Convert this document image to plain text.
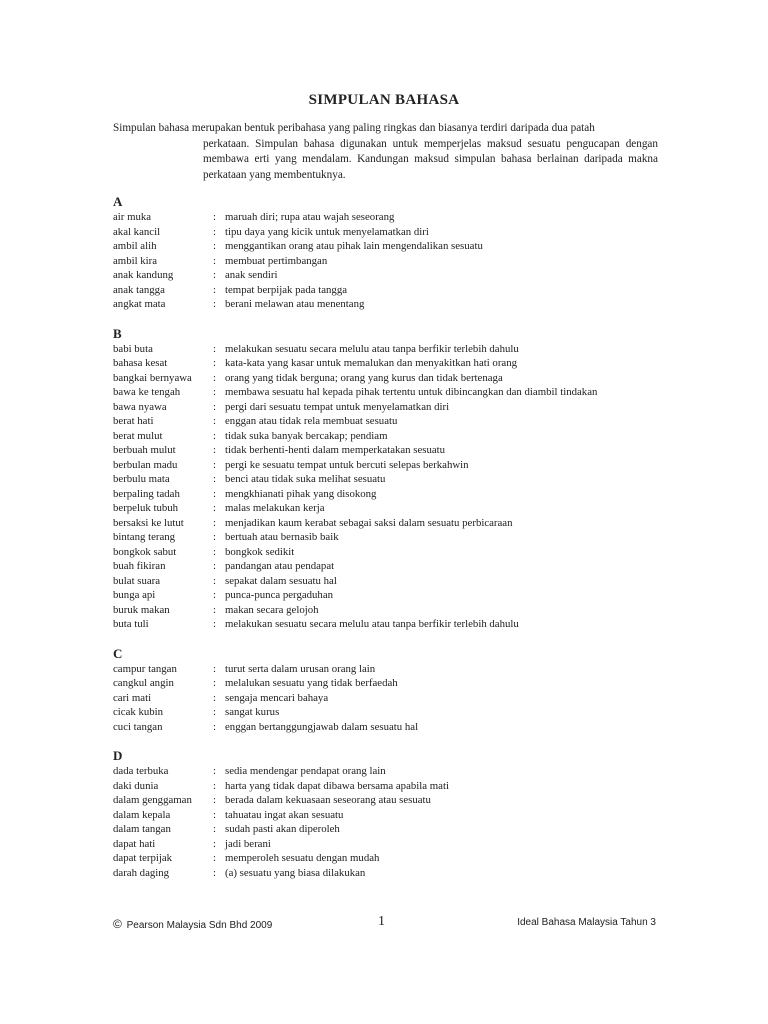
SIMPULAN BAHASA
Simpulan bahasa merupakan bentuk peribahasa yang paling ringkas dan biasanya terdiri daripada dua patah
perkataan. Simpulan bahasa digunakan untuk memperjelas maksud sesuatu pengucapan dengan membawa erti yang mendalam. Kandungan maksud simpulan bahasa berlainan daripada makna perkataan yang membentuknya.
A
air muka	: maruah diri; rupa atau wajah seseorang
akal kancil	: tipu daya yang kicik untuk menyelamatkan diri
ambil alih	: menggantikan orang atau pihak lain mengendalikan sesuatu
ambil kira	: membuat pertimbangan
anak kandung	: anak sendiri
anak tangga	: tempat berpijak pada tangga
angkat mata	: berani melawan atau menentang
B
babi buta	: melakukan sesuatu secara melulu atau tanpa berfikir terlebih dahulu
bahasa kesat	: kata-kata yang kasar untuk memalukan dan menyakitkan hati orang
bangkai bernyawa	: orang yang tidak berguna; orang yang kurus dan tidak bertenaga
bawa ke tengah	: membawa sesuatu hal kepada pihak tertentu untuk dibincangkan dan diambil tindakan
bawa nyawa	: pergi dari sesuatu tempat untuk menyelamatkan diri
berat hati	: enggan atau tidak rela membuat sesuatu
berat mulut	: tidak suka banyak bercakap; pendiam
berbuah mulut	: tidak berhenti-henti dalam memperkatakan sesuatu
berbulan madu	: pergi ke sesuatu tempat untuk bercuti selepas berkahwin
berbulu mata	: benci atau tidak suka melihat sesuatu
berpaling tadah	: mengkhianati pihak yang disokong
berpeluk tubuh	: malas melakukan kerja
bersaksi ke lutut	: menjadikan kaum kerabat sebagai saksi dalam sesuatu perbicaraan
bintang terang	: bertuah atau bernasib baik
bongkok sabut	: bongkok sedikit
buah fikiran	: pandangan atau pendapat
bulat suara	: sepakat dalam sesuatu hal
bunga api	: punca-punca pergaduhan
buruk makan	: makan secara gelojoh
buta tuli	: melakukan sesuatu secara melulu atau tanpa berfikir terlebih dahulu
C
campur tangan	: turut serta dalam urusan orang lain
cangkul angin	: melalukan sesuatu yang tidak berfaedah
cari mati	: sengaja mencari bahaya
cicak kubin	: sangat kurus
cuci tangan	: enggan bertanggungjawab dalam sesuatu hal
D
dada terbuka	: sedia mendengar pendapat orang lain
daki dunia	: harta yang tidak dapat dibawa bersama apabila mati
dalam genggaman	: berada dalam kekuasaan seseorang atau sesuatu
dalam kepala	: tahuatau ingat akan sesuatu
dalam tangan	: sudah pasti akan diperoleh
dapat hati	: jadi berani
dapat terpijak	: memperoleh sesuatu dengan mudah
darah daging	: (a) sesuatu yang biasa dilakukan
© Pearson Malaysia Sdn Bhd 2009	1	Ideal Bahasa Malaysia Tahun 3
